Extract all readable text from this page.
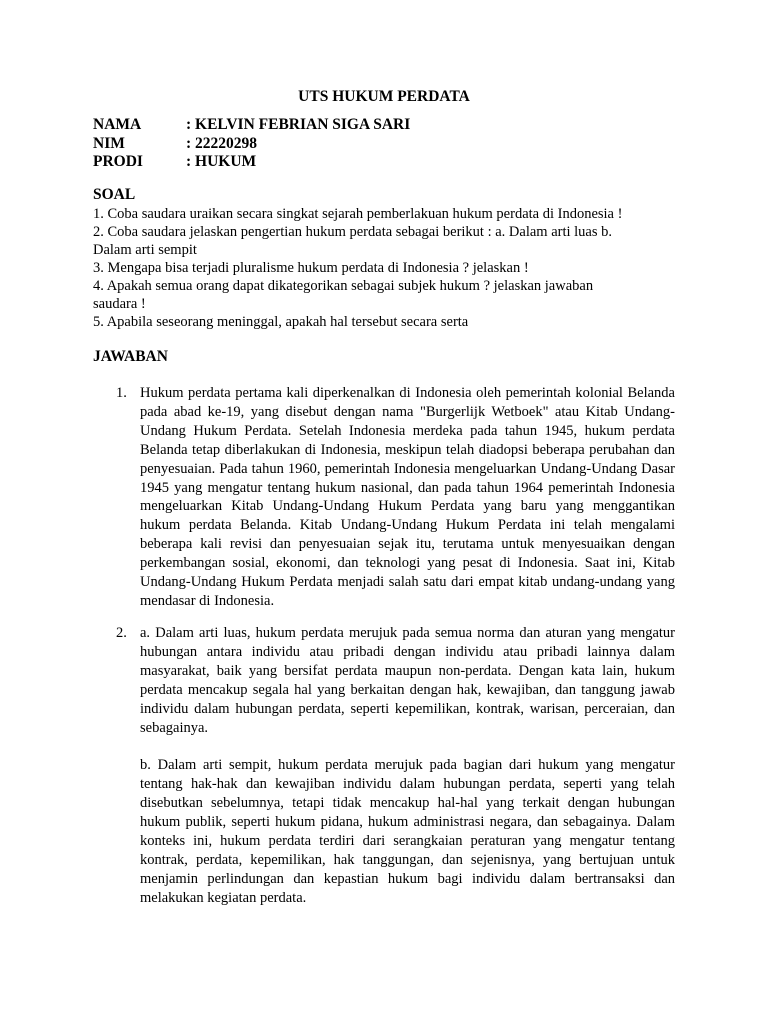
UTS HUKUM PERDATA
NAMA	: KELVIN FEBRIAN SIGA SARI
NIM	: 22220298
PRODI	: HUKUM
SOAL
1. Coba saudara uraikan secara singkat sejarah pemberlakuan hukum perdata di Indonesia !
2. Coba saudara jelaskan pengertian hukum perdata sebagai berikut : a. Dalam arti luas b.
Dalam arti sempit
3. Mengapa bisa terjadi pluralisme hukum perdata di Indonesia ? jelaskan !
4. Apakah semua orang dapat dikategorikan sebagai subjek hukum ? jelaskan jawaban
saudara !
5. Apabila seseorang meninggal, apakah hal tersebut secara serta
JAWABAN
1. Hukum perdata pertama kali diperkenalkan di Indonesia oleh pemerintah kolonial Belanda pada abad ke-19, yang disebut dengan nama "Burgerlijk Wetboek" atau Kitab Undang-Undang Hukum Perdata. Setelah Indonesia merdeka pada tahun 1945, hukum perdata Belanda tetap diberlakukan di Indonesia, meskipun telah diadopsi beberapa perubahan dan penyesuaian. Pada tahun 1960, pemerintah Indonesia mengeluarkan Undang-Undang Dasar 1945 yang mengatur tentang hukum nasional, dan pada tahun 1964 pemerintah Indonesia mengeluarkan Kitab Undang-Undang Hukum Perdata yang baru yang menggantikan hukum perdata Belanda. Kitab Undang-Undang Hukum Perdata ini telah mengalami beberapa kali revisi dan penyesuaian sejak itu, terutama untuk menyesuaikan dengan perkembangan sosial, ekonomi, dan teknologi yang pesat di Indonesia. Saat ini, Kitab Undang-Undang Hukum Perdata menjadi salah satu dari empat kitab undang-undang yang mendasar di Indonesia.
2. a. Dalam arti luas, hukum perdata merujuk pada semua norma dan aturan yang mengatur hubungan antara individu atau pribadi dengan individu atau pribadi lainnya dalam masyarakat, baik yang bersifat perdata maupun non-perdata. Dengan kata lain, hukum perdata mencakup segala hal yang berkaitan dengan hak, kewajiban, dan tanggung jawab individu dalam hubungan perdata, seperti kepemilikan, kontrak, warisan, perceraian, dan sebagainya.
b. Dalam arti sempit, hukum perdata merujuk pada bagian dari hukum yang mengatur tentang hak-hak dan kewajiban individu dalam hubungan perdata, seperti yang telah disebutkan sebelumnya, tetapi tidak mencakup hal-hal yang terkait dengan hubungan hukum publik, seperti hukum pidana, hukum administrasi negara, dan sebagainya. Dalam konteks ini, hukum perdata terdiri dari serangkaian peraturan yang mengatur tentang kontrak, perdata, kepemilikan, hak tanggungan, dan sejenisnya, yang bertujuan untuk menjamin perlindungan dan kepastian hukum bagi individu dalam bertransaksi dan melakukan kegiatan perdata.
